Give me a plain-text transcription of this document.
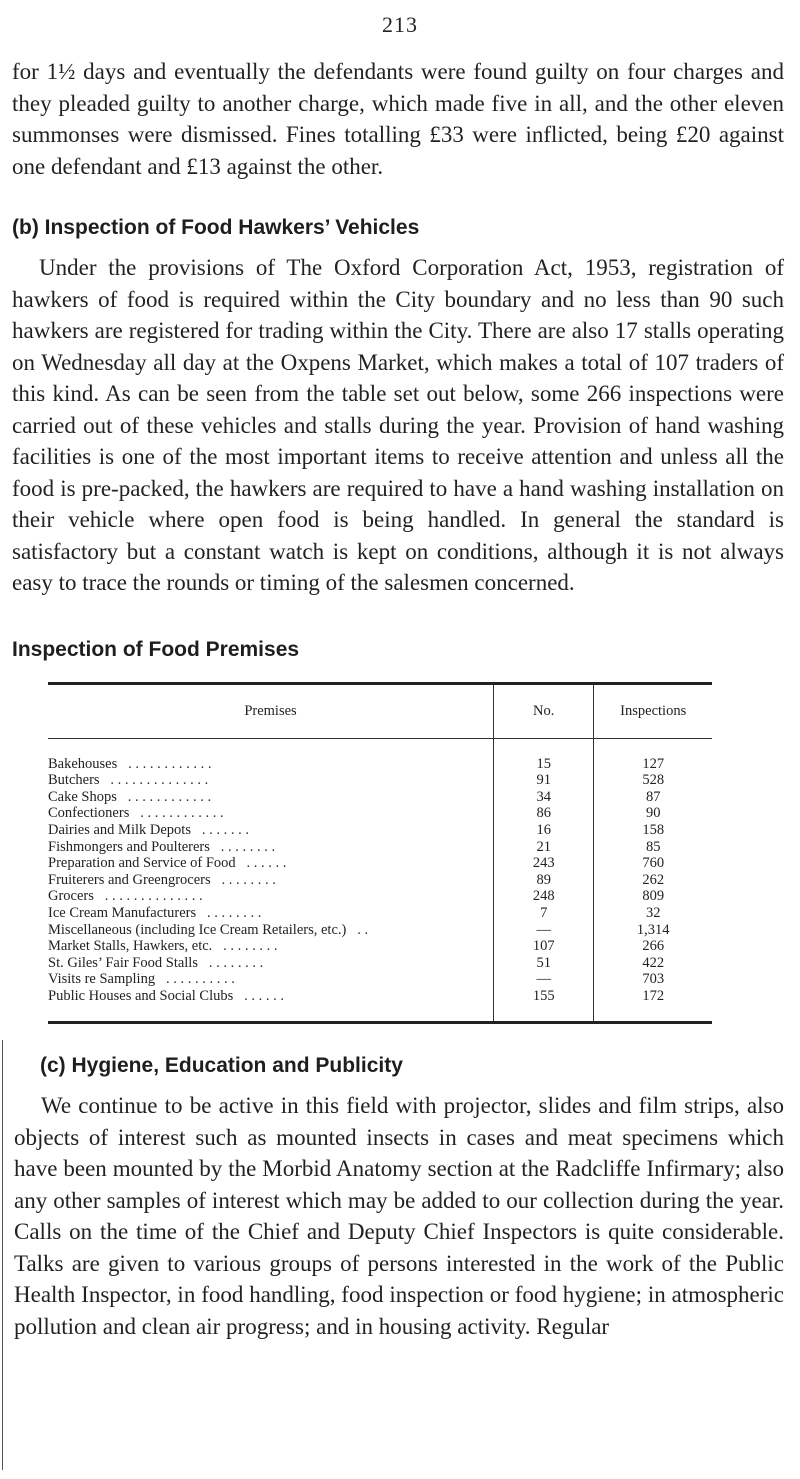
213

for 1½ days and eventually the defendants were found guilty on four charges and they pleaded guilty to another charge, which made five in all, and the other eleven summonses were dismissed. Fines totalling £33 were inflicted, being £20 against one defendant and £13 against the other.

(b) Inspection of Food Hawkers’ Vehicles

Under the provisions of The Oxford Corporation Act, 1953, registration of hawkers of food is required within the City boundary and no less than 90 such hawkers are registered for trading within the City. There are also 17 stalls operating on Wednesday all day at the Oxpens Market, which makes a total of 107 traders of this kind. As can be seen from the table set out below, some 266 inspections were carried out of these vehicles and stalls during the year. Provision of hand washing facilities is one of the most important items to receive attention and unless all the food is pre-packed, the hawkers are required to have a hand washing installation on their vehicle where open food is being handled. In general the standard is satisfactory but a constant watch is kept on conditions, although it is not always easy to trace the rounds or timing of the salesmen concerned.

Inspection of Food Premises

Premises	No.	Inspections

Bakehouses . . . . . . . . . . . .	15	127
Butchers . . . . . . . . . . . . . .	91	528
Cake Shops . . . . . . . . . . . .	34	87
Confectioners . . . . . . . . . . . .	86	90
Dairies and Milk Depots . . . . . . .	16	158
Fishmongers and Poulterers . . . . . . . .	21	85
Preparation and Service of Food . . . . . .	243	760
Fruiterers and Greengrocers . . . . . . . .	89	262
Grocers . . . . . . . . . . . . . .	248	809
Ice Cream Manufacturers . . . . . . . .	7	32
Miscellaneous (including Ice Cream Retailers, etc.) . .	—	1,314
Market Stalls, Hawkers, etc. . . . . . . . .	107	266
St. Giles’ Fair Food Stalls . . . . . . . .	51	422
Visits re Sampling . . . . . . . . . .	—	703
Public Houses and Social Clubs . . . . . .	155	172

(c) Hygiene, Education and Publicity

We continue to be active in this field with projector, slides and film strips, also objects of interest such as mounted insects in cases and meat specimens which have been mounted by the Morbid Anatomy section at the Radcliffe Infirmary; also any other samples of interest which may be added to our collection during the year. Calls on the time of the Chief and Deputy Chief Inspectors is quite considerable. Talks are given to various groups of persons interested in the work of the Public Health Inspector, in food handling, food inspection or food hygiene; in atmospheric pollution and clean air progress; and in housing activity. Regular
